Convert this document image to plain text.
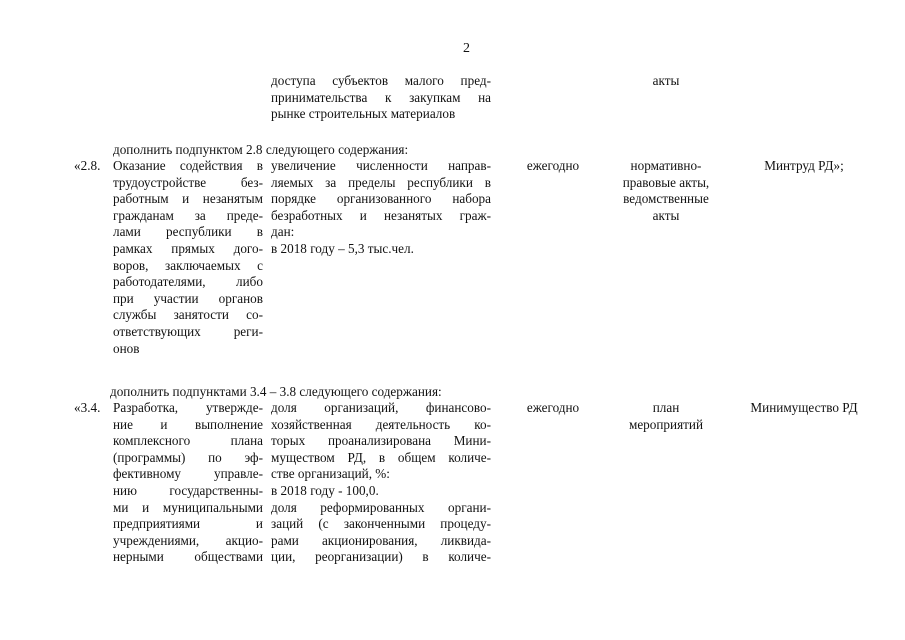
2
доступа субъектов малого пред-
принимательства к закупкам на
рынке строительных материалов
акты
дополнить подпунктом 2.8 следующего содержания:
«2.8. Оказание содействия в
трудоустройстве без-
работным и незанятым
гражданам за преде-
лами республики в
рамках прямых дого-
воров, заключаемых с
работодателями, либо
при участии органов
службы занятости со-
ответствующих реги-
онов
увеличение численности направ-
ляемых за пределы республики в
порядке организованного набора
безработных и незанятых граж-
дан:
в 2018 году – 5,3 тыс.чел.
ежегодно	нормативно-
правовые акты,
ведомственные
акты
Минтруд РД»;
дополнить подпунктами 3.4 – 3.8 следующего содержания:
«3.4. Разработка, утвержде-
ние и выполнение
комплексного плана
(программы) по эф-
фективному управле-
нию государственны-
ми и муниципальными
предприятиями и
учреждениями, акцио-
нерными обществами
доля организаций, финансово-
хозяйственная деятельность ко-
торых проанализирована Мини-
муществом РД, в общем количе-
стве организаций, %:
в 2018 году - 100,0.
доля реформированных органи-
заций (с законченными процеду-
рами акционирования, ликвида-
ции, реорганизации) в количе-
ежегодно	план
мероприятий
Минимущество РД
